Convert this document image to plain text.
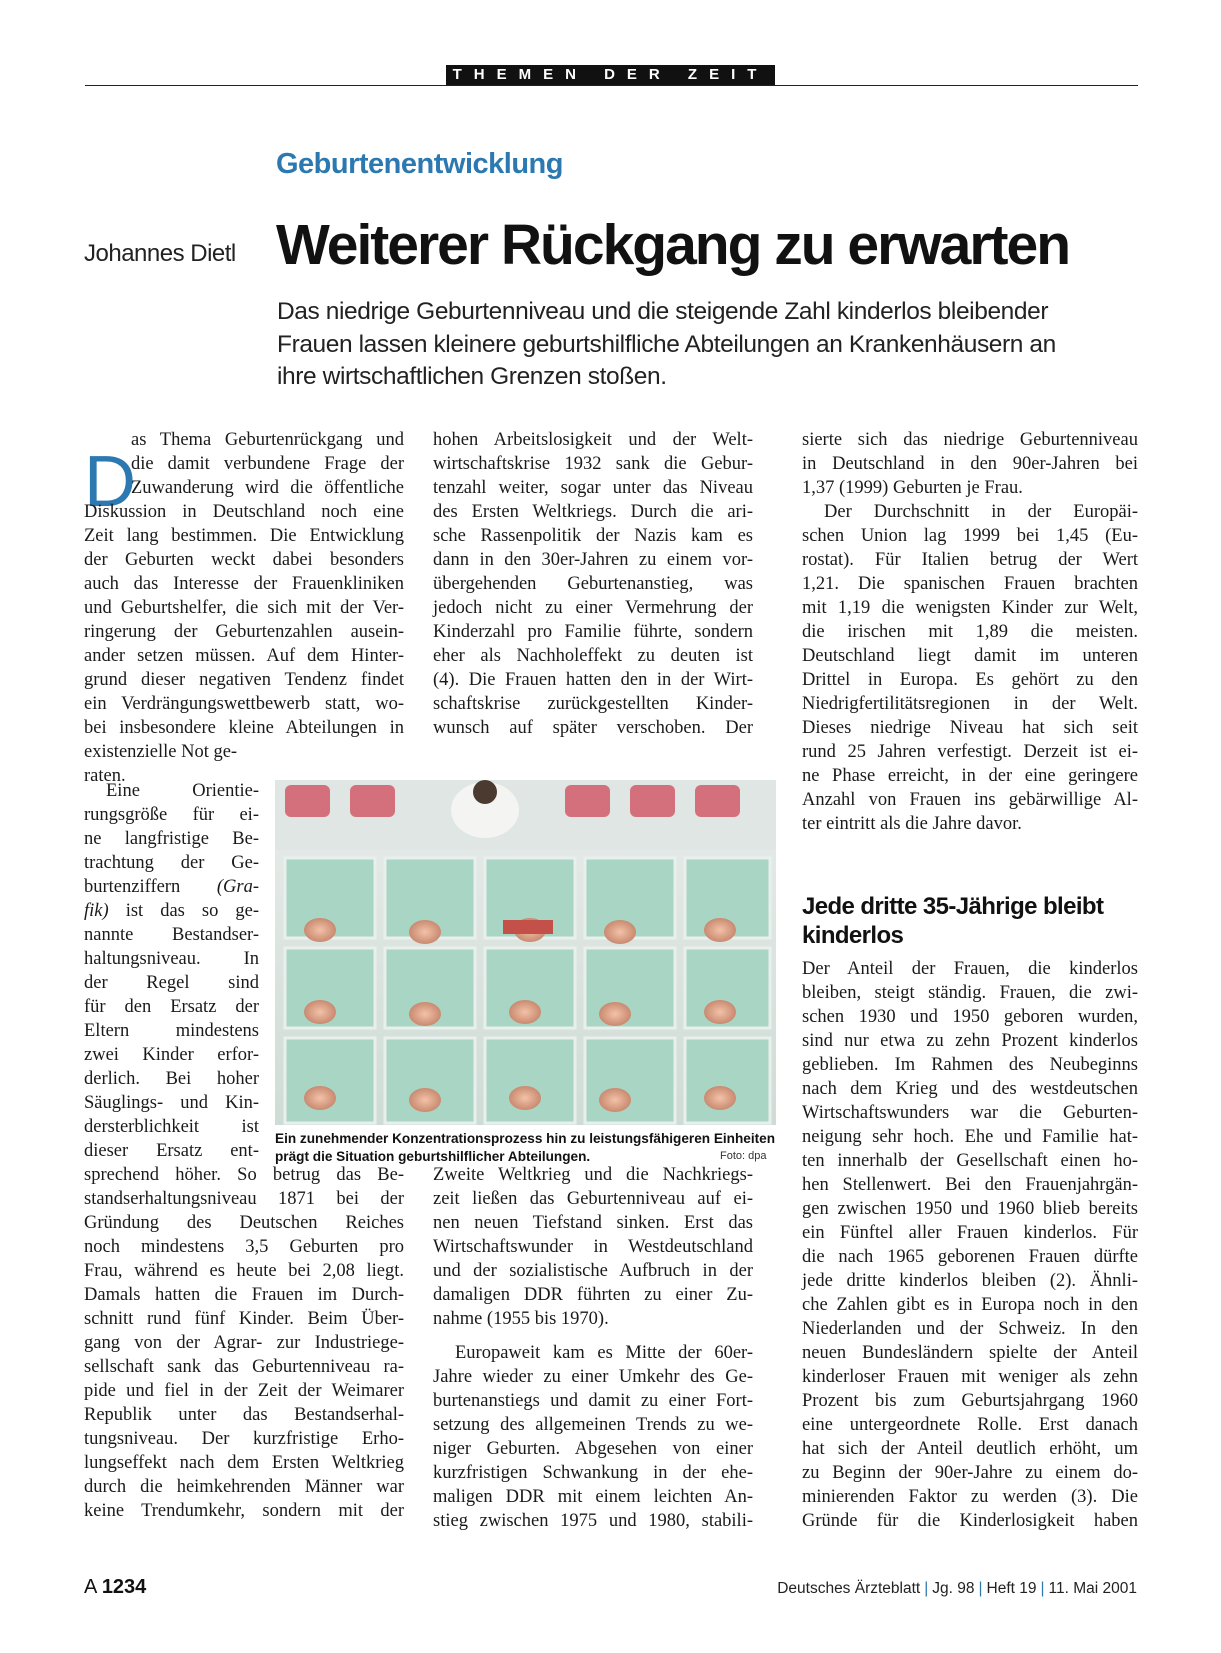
THEMEN DER ZEIT
Geburtenentwicklung
Johannes Dietl Weiterer Rückgang zu erwarten
Das niedrige Geburtenniveau und die steigende Zahl kinderlos bleibender Frauen lassen kleinere geburtshilfliche Abteilungen an Krankenhäusern an ihre wirtschaftlichen Grenzen stoßen.
D
as Thema Geburtenrückgang und
die damit verbundene Frage der
Zuwanderung wird die öffentliche
Diskussion in Deutschland noch eine
Zeit lang bestimmen. Die Entwicklung
der Geburten weckt dabei besonders
auch das Interesse der Frauenkliniken
und Geburtshelfer, die sich mit der Ver-
ringerung der Geburtenzahlen ausein-
ander setzen müssen. Auf dem Hinter-
grund dieser negativen Tendenz findet
ein Verdrängungswettbewerb statt, wo-
bei insbesondere kleine Abteilungen in
existenzielle Not ge-
raten.
Eine Orientie-
rungsgröße für ei-
ne langfristige Be-
trachtung der Ge-
burtenziffern (Gra-
fik) ist das so ge-
nannte Bestandser-
haltungsniveau. In
der Regel sind
für den Ersatz der
Eltern mindestens
zwei Kinder erfor-
derlich. Bei hoher
Säuglings- und Kin-
dersterblichkeit ist
dieser Ersatz ent-
sprechend höher. So betrug das Be-
standserhaltungsniveau 1871 bei der
Gründung des Deutschen Reiches
noch mindestens 3,5 Geburten pro
Frau, während es heute bei 2,08 liegt.
Damals hatten die Frauen im Durch-
schnitt rund fünf Kinder. Beim Über-
gang von der Agrar- zur Industriege-
sellschaft sank das Geburtenniveau ra-
pide und fiel in der Zeit der Weimarer
Republik unter das Bestandserhal-
tungsniveau. Der kurzfristige Erho-
lungseffekt nach dem Ersten Weltkrieg
durch die heimkehrenden Männer war
keine Trendumkehr, sondern mit der
hohen Arbeitslosigkeit und der Welt-
wirtschaftskrise 1932 sank die Gebur-
tenzahl weiter, sogar unter das Niveau
des Ersten Weltkriegs. Durch die ari-
sche Rassenpolitik der Nazis kam es
dann in den 30er-Jahren zu einem vor-
übergehenden Geburtenanstieg, was
jedoch nicht zu einer Vermehrung der
Kinderzahl pro Familie führte, sondern
eher als Nachholeffekt zu deuten ist
(4). Die Frauen hatten den in der Wirt-
schaftskrise zurückgestellten Kinder-
wunsch auf später verschoben. Der
Zweite Weltkrieg und die Nachkriegs-
zeit ließen das Geburtenniveau auf ei-
nen neuen Tiefstand sinken. Erst das
Wirtschaftswunder in Westdeutschland
und der sozialistische Aufbruch in der
damaligen DDR führten zu einer Zu-
nahme (1955 bis 1970).
Europaweit kam es Mitte der 60er-
Jahre wieder zu einer Umkehr des Ge-
burtenanstiegs und damit zu einer Fort-
setzung des allgemeinen Trends zu we-
niger Geburten. Abgesehen von einer
kurzfristigen Schwankung in der ehe-
maligen DDR mit einem leichten An-
stieg zwischen 1975 und 1980, stabili-
sierte sich das niedrige Geburtenniveau
in Deutschland in den 90er-Jahren bei
1,37 (1999) Geburten je Frau.
Der Durchschnitt in der Europäi-
schen Union lag 1999 bei 1,45 (Eu-
rostat). Für Italien betrug der Wert
1,21. Die spanischen Frauen brachten
mit 1,19 die wenigsten Kinder zur Welt,
die irischen mit 1,89 die meisten.
Deutschland liegt damit im unteren
Drittel in Europa. Es gehört zu den
Niedrigfertilitätsregionen in der Welt.
Dieses niedrige Niveau hat sich seit
rund 25 Jahren verfestigt. Derzeit ist ei-
ne Phase erreicht, in der eine geringere
Anzahl von Frauen ins gebärwillige Al-
ter eintritt als die Jahre davor.
Jede dritte 35-Jährige bleibt kinderlos
Der Anteil der Frauen, die kinderlos
bleiben, steigt ständig. Frauen, die zwi-
schen 1930 und 1950 geboren wurden,
sind nur etwa zu zehn Prozent kinderlos
geblieben. Im Rahmen des Neubeginns
nach dem Krieg und des westdeutschen
Wirtschaftswunders war die Geburten-
neigung sehr hoch. Ehe und Familie hat-
ten innerhalb der Gesellschaft einen ho-
hen Stellenwert. Bei den Frauenjahrgän-
gen zwischen 1950 und 1960 blieb bereits
ein Fünftel aller Frauen kinderlos. Für
die nach 1965 geborenen Frauen dürfte
jede dritte kinderlos bleiben (2). Ähnli-
che Zahlen gibt es in Europa noch in den
Niederlanden und der Schweiz. In den
neuen Bundesländern spielte der Anteil
kinderloser Frauen mit weniger als zehn
Prozent bis zum Geburtsjahrgang 1960
eine untergeordnete Rolle. Erst danach
hat sich der Anteil deutlich erhöht, um
zu Beginn der 90er-Jahre zu einem do-
minierenden Faktor zu werden (3). Die
Gründe für die Kinderlosigkeit haben
Ein zunehmender Konzentrationsprozess hin zu leistungsfähigeren Einheiten prägt die Situation geburtshilflicher Abteilungen.	Foto: dpa
A 1234	Deutsches Ärzteblatt | Jg. 98 | Heft 19 | 11. Mai 2001
